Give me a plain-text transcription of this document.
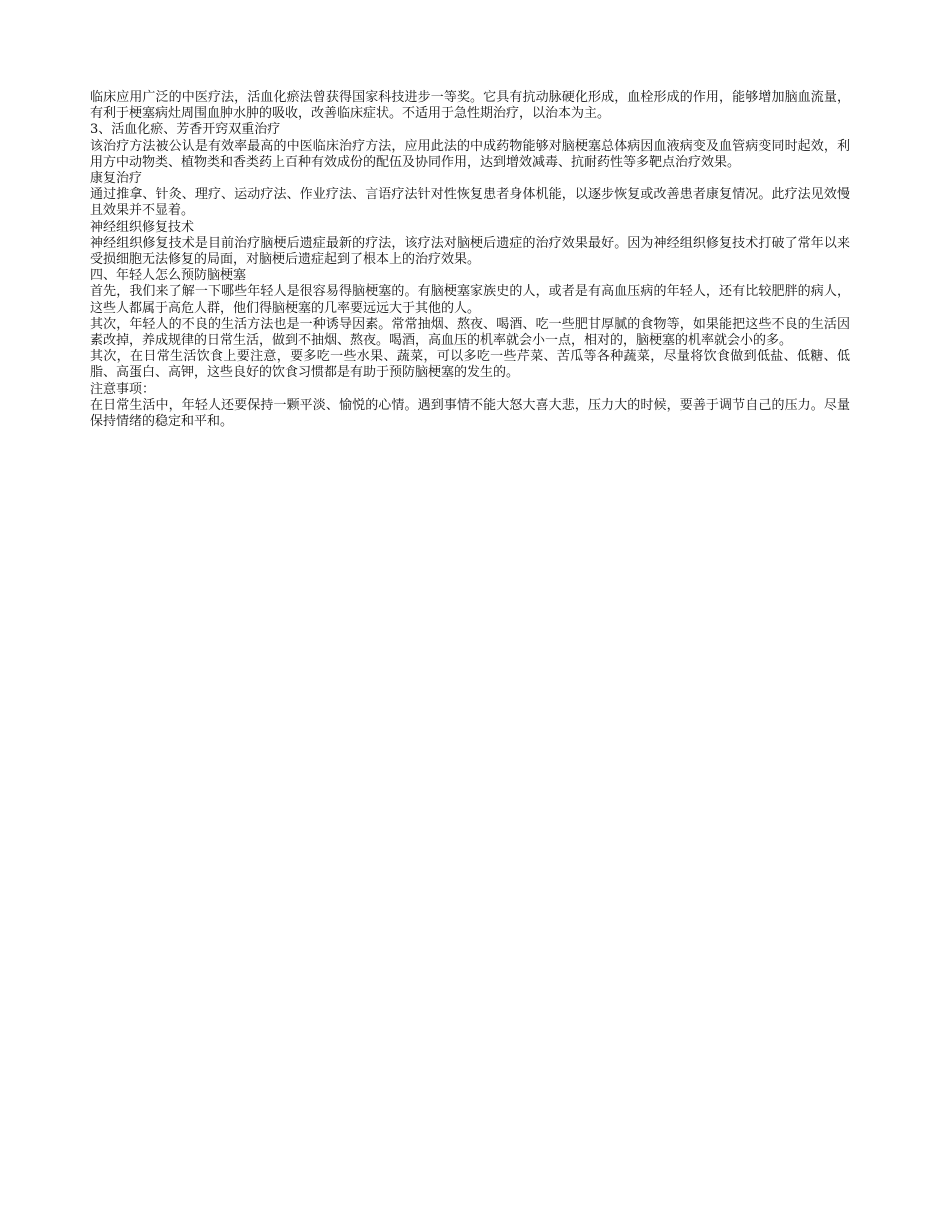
临床应用广泛的中医疗法，活血化瘀法曾获得国家科技进步一等奖。它具有抗动脉硬化形成，血栓形成的作用，能够增加脑血流量，有利于梗塞病灶周围血肿水肿的吸收，改善临床症状。不适用于急性期治疗，以治本为主。

3、活血化瘀、芳香开窍双重治疗

该治疗方法被公认是有效率最高的中医临床治疗方法，应用此法的中成药物能够对脑梗塞总体病因血液病变及血管病变同时起效，利用方中动物类、植物类和香类药上百种有效成份的配伍及协同作用，达到增效减毒、抗耐药性等多靶点治疗效果。

康复治疗

通过推拿、针灸、理疗、运动疗法、作业疗法、言语疗法针对性恢复患者身体机能，以逐步恢复或改善患者康复情况。此疗法见效慢且效果并不显着。

神经组织修复技术

神经组织修复技术是目前治疗脑梗后遗症最新的疗法，该疗法对脑梗后遗症的治疗效果最好。因为神经组织修复技术打破了常年以来受损细胞无法修复的局面，对脑梗后遗症起到了根本上的治疗效果。

四、年轻人怎么预防脑梗塞

首先，我们来了解一下哪些年轻人是很容易得脑梗塞的。有脑梗塞家族史的人，或者是有高血压病的年轻人，还有比较肥胖的病人，这些人都属于高危人群，他们得脑梗塞的几率要远远大于其他的人。

其次，年轻人的不良的生活方法也是一种诱导因素。常常抽烟、熬夜、喝酒、吃一些肥甘厚腻的食物等，如果能把这些不良的生活因素改掉，养成规律的日常生活，做到不抽烟、熬夜。喝酒，高血压的机率就会小一点，相对的，脑梗塞的机率就会小的多。

其次，在日常生活饮食上要注意，要多吃一些水果、蔬菜，可以多吃一些芹菜、苦瓜等各种蔬菜，尽量将饮食做到低盐、低糖、低脂、高蛋白、高钾，这些良好的饮食习惯都是有助于预防脑梗塞的发生的。

注意事项：

在日常生活中，年轻人还要保持一颗平淡、愉悦的心情。遇到事情不能大怒大喜大悲，压力大的时候，要善于调节自己的压力。尽量保持情绪的稳定和平和。
